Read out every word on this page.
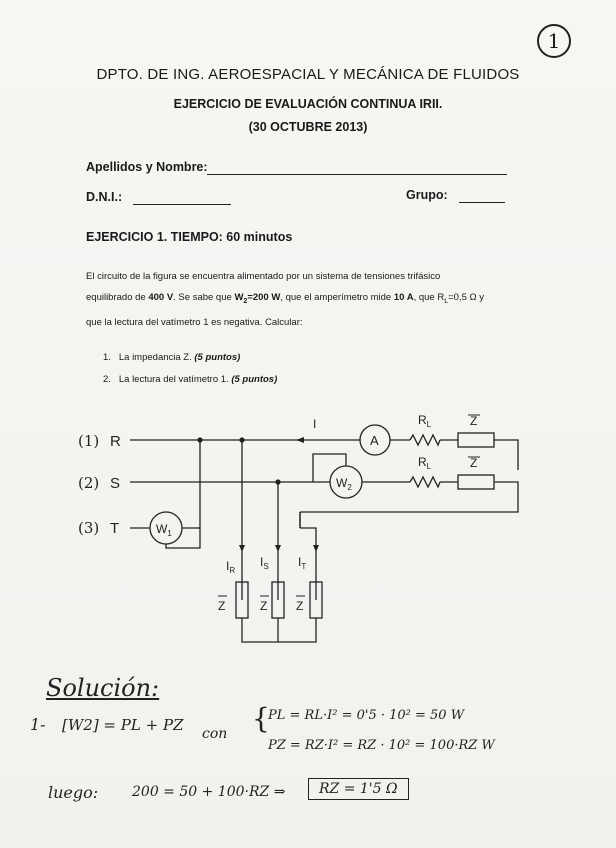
1
DPTO. DE ING. AEROESPACIAL Y MECÁNICA DE FLUIDOS
EJERCICIO DE EVALUACIÓN CONTINUA IRII.
(30 OCTUBRE 2013)
Apellidos y Nombre:
D.N.I.:	Grupo:
EJERCICIO 1. TIEMPO: 60 minutos
El circuito de la figura se encuentra alimentado por un sistema de tensiones trifásico
equilibrado de 400 V. Se sabe que $W_2=200$ W, que el amperímetro mide 10 A, que $R_L=0,5$ Ω y
que la lectura del vatímetro 1 es negativa. Calcular:
1. La impedancia Z. (5 puntos)
2. La lectura del vatímetro 1. (5 puntos)
(1)
(2)
(3)
R
S
T
I
A
$R_L$	Z
$W_2$
$R_L$	Z
$W_1$
$I_R$
$I_S$ $I_T$
Z	Z Z
Solución:
1- [W2] = PL + PZ con {
PL = RL·I² = 0'5 · 10² = 50 W
PZ = RZ·I² = RZ · 10² = 100·RZ W
luego: 200 = 50 + 100·RZ ⇒	RZ = 1'5 Ω
